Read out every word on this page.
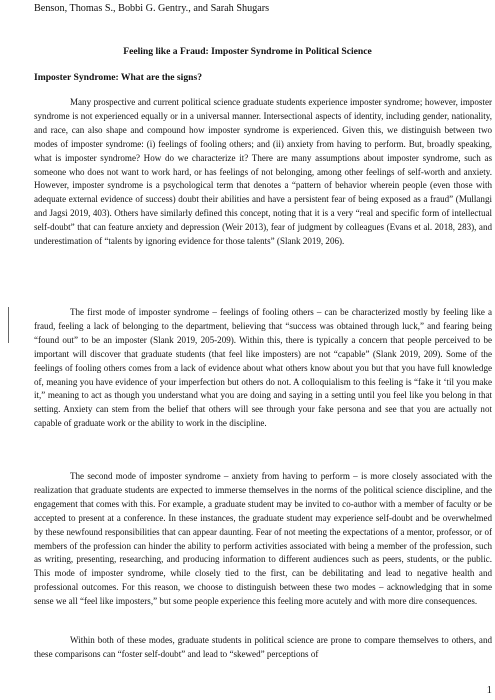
Benson, Thomas S., Bobbi G. Gentry., and Sarah Shugars
Feeling like a Fraud: Imposter Syndrome in Political Science
Imposter Syndrome: What are the signs?

Many prospective and current political science graduate students experience imposter syndrome; however, imposter syndrome is not experienced equally or in a universal manner. Intersectional aspects of identity, including gender, nationality, and race, can also shape and compound how imposter syndrome is experienced. Given this, we distinguish between two modes of imposter syndrome: (i) feelings of fooling others; and (ii) anxiety from having to perform. But, broadly speaking, what is imposter syndrome? How do we characterize it? There are many assumptions about imposter syndrome, such as someone who does not want to work hard, or has feelings of not belonging, among other feelings of self-worth and anxiety. However, imposter syndrome is a psychological term that denotes a “pattern of behavior wherein people (even those with adequate external evidence of success) doubt their abilities and have a persistent fear of being exposed as a fraud” (Mullangi and Jagsi 2019, 403). Others have similarly defined this concept, noting that it is a very “real and specific form of intellectual self-doubt” that can feature anxiety and depression (Weir 2013), fear of judgment by colleagues (Evans et al. 2018, 283), and underestimation of “talents by ignoring evidence for those talents” (Slank 2019, 206).

The first mode of imposter syndrome – feelings of fooling others – can be characterized mostly by feeling like a fraud, feeling a lack of belonging to the department, believing that “success was obtained through luck,” and fearing being “found out” to be an imposter (Slank 2019, 205-209). Within this, there is typically a concern that people perceived to be important will discover that graduate students (that feel like imposters) are not “capable” (Slank 2019, 209). Some of the feelings of fooling others comes from a lack of evidence about what others know about you but that you have full knowledge of, meaning you have evidence of your imperfection but others do not. A colloquialism to this feeling is “fake it ‘til you make it,” meaning to act as though you understand what you are doing and saying in a setting until you feel like you belong in that setting. Anxiety can stem from the belief that others will see through your fake persona and see that you are actually not capable of graduate work or the ability to work in the discipline.

The second mode of imposter syndrome – anxiety from having to perform – is more closely associated with the realization that graduate students are expected to immerse themselves in the norms of the political science discipline, and the engagement that comes with this. For example, a graduate student may be invited to co-author with a member of faculty or be accepted to present at a conference. In these instances, the graduate student may experience self-doubt and be overwhelmed by these newfound responsibilities that can appear daunting. Fear of not meeting the expectations of a mentor, professor, or of members of the profession can hinder the ability to perform activities associated with being a member of the profession, such as writing, presenting, researching, and producing information to different audiences such as peers, students, or the public. This mode of imposter syndrome, while closely tied to the first, can be debilitating and lead to negative health and professional outcomes. For this reason, we choose to distinguish between these two modes – acknowledging that in some sense we all “feel like imposters,” but some people experience this feeling more acutely and with more dire consequences.

Within both of these modes, graduate students in political science are prone to compare themselves to others, and these comparisons can “foster self-doubt” and lead to “skewed” perceptions of

1
